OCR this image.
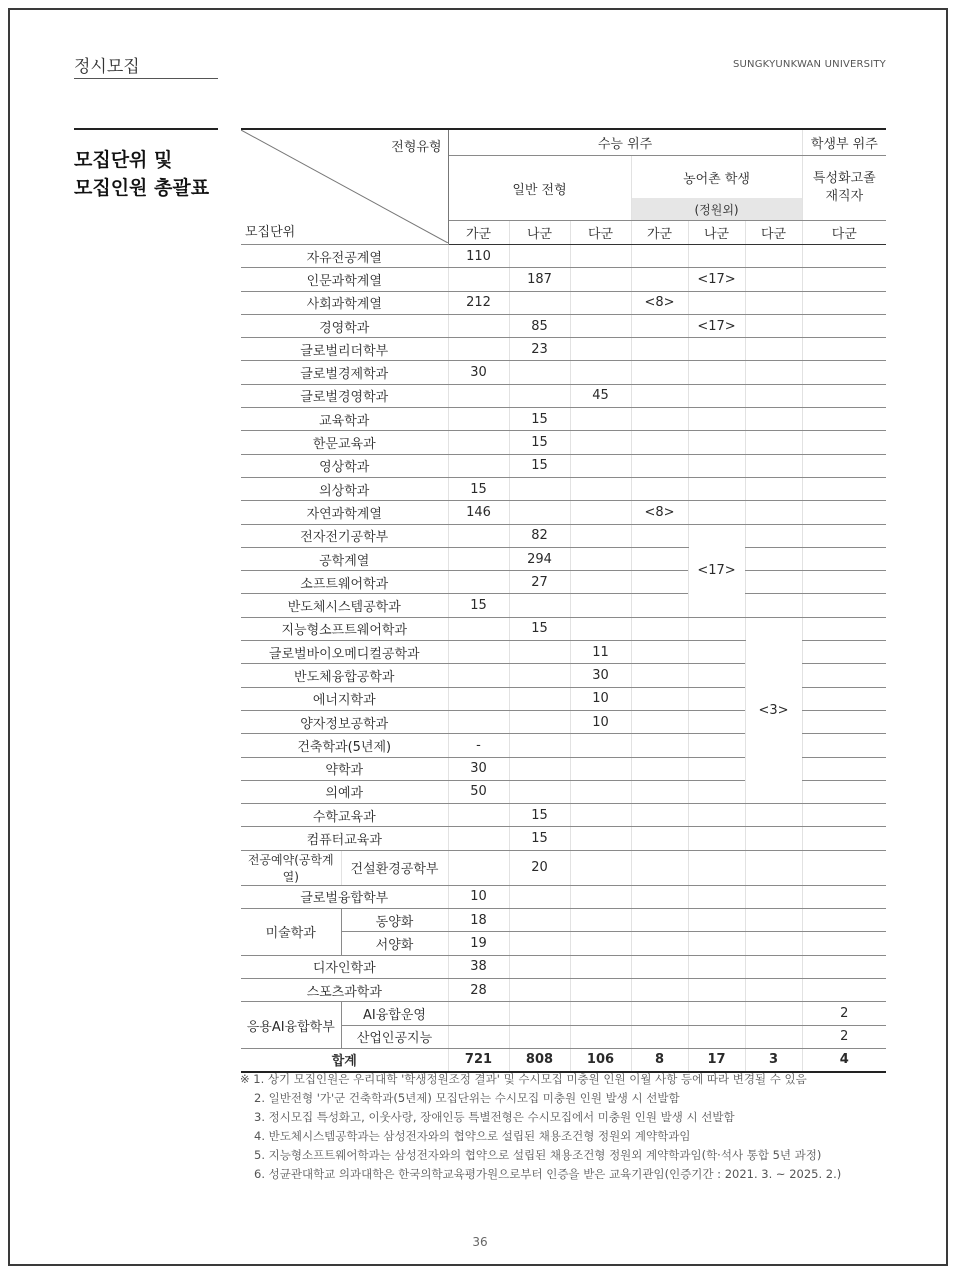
정시모집	SUNGKYUNKWAN UNIVERSITY
모집단위 및
모집인원 총괄표
전형유형
모집단위		수능 위주						학생부 위주
		일반 전형			농어촌 학생			특성화고졸 재직자
					(정원외)			
		가군	나군	다군	가군	나군	다군	다군
자유전공계열		110						
인문과학계열			187			<17>		
사회과학계열		212			<8>			
경영학과			85			<17>		
글로벌리더학부			23					
글로벌경제학과		30						
글로벌경영학과				45				
교육학과			15					
한문교육과			15					
영상학과			15					
의상학과		15						
자연과학계열		146			<8>			
전자전기공학부			82			<17>		
공학계열			294					
소프트웨어학과			27					
반도체시스템공학과		15						
지능형소프트웨어학과			15				<3>	
글로벌바이오메디컬공학과				11				
반도체융합공학과				30				
에너지학과				10				
양자정보공학과				10				
건축학과(5년제)		-						
약학과		30						
의예과		50						
수학교육과			15					
컴퓨터교육과			15					
전공예약(공학계열)	건설환경공학부		20					
글로벌융합학부		10						
미술학과	동양화	18						
	서양화	19						
디자인학과		38						
스포츠과학과		28						
응용AI융합학부	AI융합운영							2
	산업인공지능							2
합계		721	808	106	8	17	3	4
※ 1. 상기 모집인원은 우리대학 '학생정원조정 결과' 및 수시모집 미충원 인원 이월 사항 등에 따라 변경될 수 있음
2. 일반전형 '가'군 건축학과(5년제) 모집단위는 수시모집 미충원 인원 발생 시 선발함
3. 정시모집 특성화고, 이웃사랑, 장애인등 특별전형은 수시모집에서 미충원 인원 발생 시 선발함
4. 반도체시스템공학과는 삼성전자와의 협약으로 설립된 채용조건형 정원외 계약학과임
5. 지능형소프트웨어학과는 삼성전자와의 협약으로 설립된 채용조건형 정원외 계약학과임(학·석사 통합 5년 과정)
6. 성균관대학교 의과대학은 한국의학교육평가원으로부터 인증을 받은 교육기관임(인증기간 : 2021. 3. ~ 2025. 2.)
36
